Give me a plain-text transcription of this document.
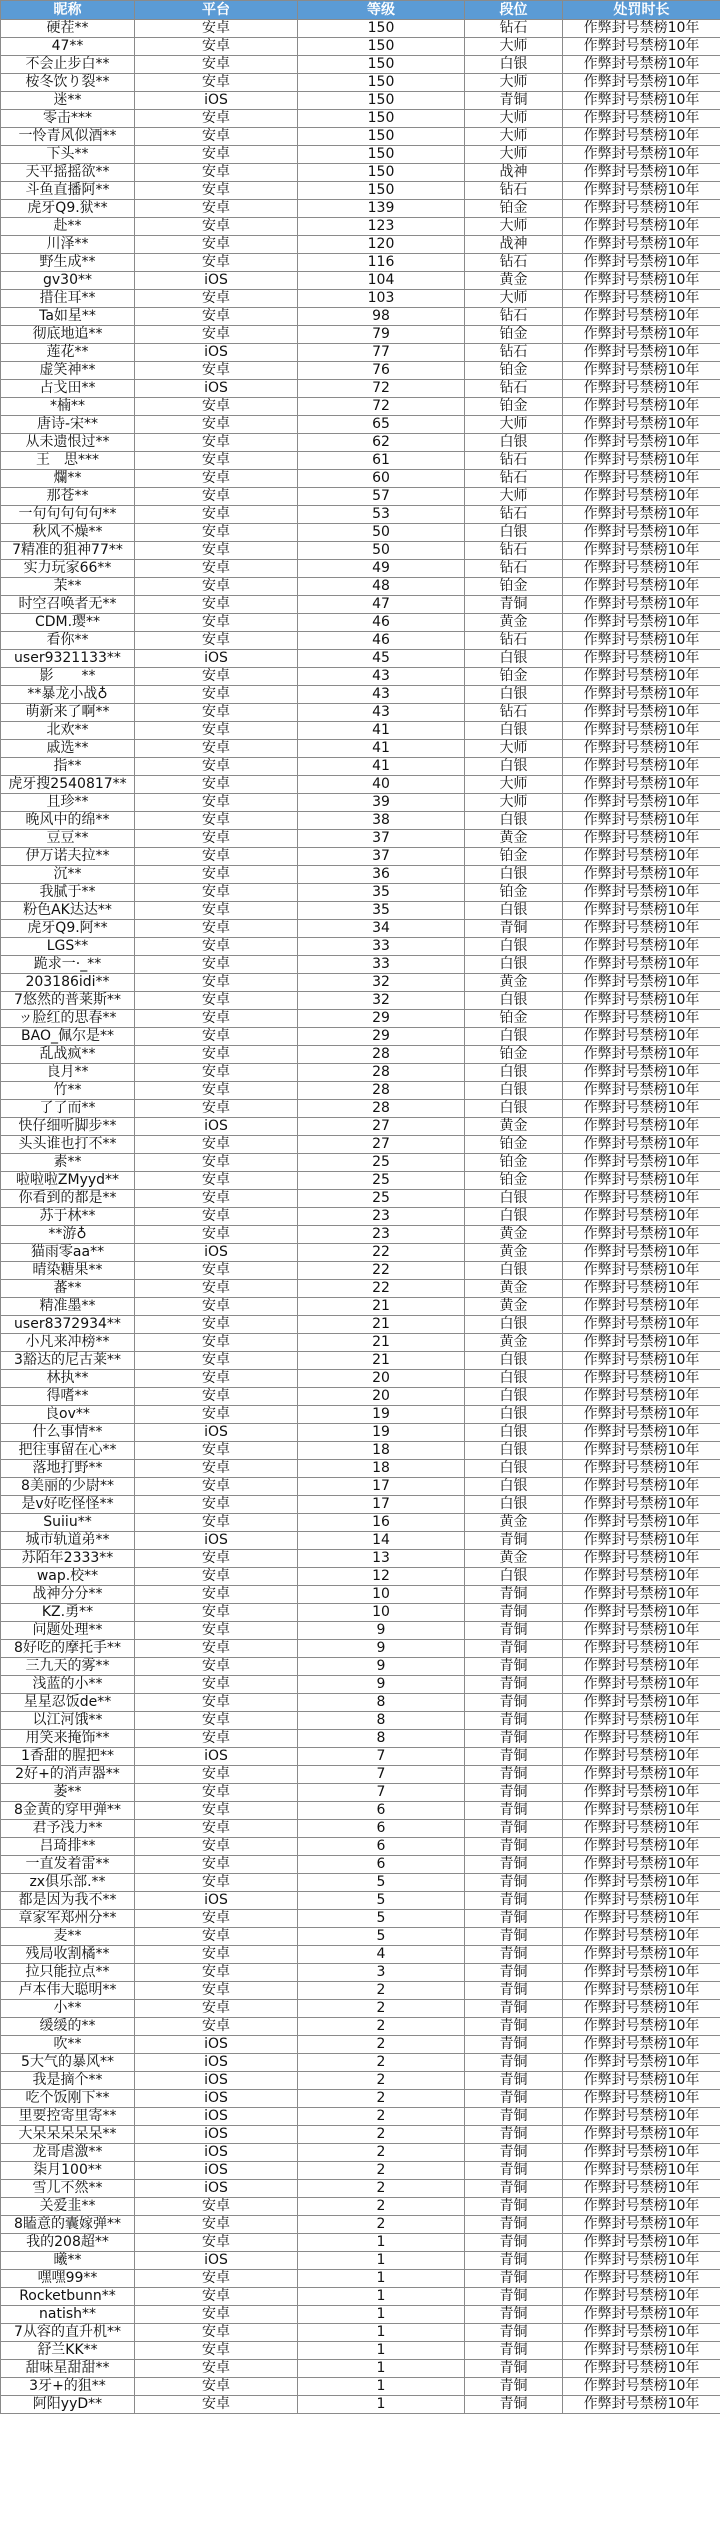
昵称	平台	等级	段位	处罚时长
硬茬**	安卓	150	钻石	作弊封号禁榜10年
47**	安卓	150	大师	作弊封号禁榜10年
不会止步白**	安卓	150	白银	作弊封号禁榜10年
桉冬饮り裂**	安卓	150	大师	作弊封号禁榜10年
迷**	iOS	150	青铜	作弊封号禁榜10年
零击***	安卓	150	大师	作弊封号禁榜10年
一怜青风似酒**	安卓	150	大师	作弊封号禁榜10年
下头**	安卓	150	大师	作弊封号禁榜10年
天平摇摇欲**	安卓	150	战神	作弊封号禁榜10年
斗鱼直播阿**	安卓	150	钻石	作弊封号禁榜10年
虎牙Q9.狱**	安卓	139	铂金	作弊封号禁榜10年
赴**	安卓	123	大师	作弊封号禁榜10年
川泽**	安卓	120	战神	作弊封号禁榜10年
野生成**	安卓	116	钻石	作弊封号禁榜10年
gv30**	iOS	104	黄金	作弊封号禁榜10年
措住耳**	安卓	103	大师	作弊封号禁榜10年
Ta如星**	安卓	98	钻石	作弊封号禁榜10年
彻底地追**	安卓	79	铂金	作弊封号禁榜10年
莲花**	iOS	77	钻石	作弊封号禁榜10年
虚笑神**	安卓	76	铂金	作弊封号禁榜10年
占戈田**	iOS	72	钻石	作弊封号禁榜10年
*楠**	安卓	72	铂金	作弊封号禁榜10年
唐诗-宋**	安卓	65	大师	作弊封号禁榜10年
从未遗恨过**	安卓	62	白银	作弊封号禁榜10年
王　思***	安卓	61	钻石	作弊封号禁榜10年
爛**	安卓	60	钻石	作弊封号禁榜10年
那苍**	安卓	57	大师	作弊封号禁榜10年
一句句句句句**	安卓	53	钻石	作弊封号禁榜10年
秋风不燥**	安卓	50	白银	作弊封号禁榜10年
7精准的狙神77**	安卓	50	钻石	作弊封号禁榜10年
实力玩家66**	安卓	49	钻石	作弊封号禁榜10年
茉**	安卓	48	铂金	作弊封号禁榜10年
时空召唤者无**	安卓	47	青铜	作弊封号禁榜10年
CDM.璎**	安卓	46	黄金	作弊封号禁榜10年
看你**	安卓	46	钻石	作弊封号禁榜10年
user9321133**	iOS	45	白银	作弊封号禁榜10年
影　　**	安卓	43	铂金	作弊封号禁榜10年
**暴龙小战♁	安卓	43	白银	作弊封号禁榜10年
萌新来了啊**	安卓	43	钻石	作弊封号禁榜10年
北欢**	安卓	41	白银	作弊封号禁榜10年
戚选**	安卓	41	大师	作弊封号禁榜10年
指**	安卓	41	白银	作弊封号禁榜10年
虎牙搜2540817**	安卓	40	大师	作弊封号禁榜10年
且珍**	安卓	39	大师	作弊封号禁榜10年
晚风中的绵**	安卓	38	白银	作弊封号禁榜10年
豆豆**	安卓	37	黄金	作弊封号禁榜10年
伊万诺夫拉**	安卓	37	铂金	作弊封号禁榜10年
沉**	安卓	36	白银	作弊封号禁榜10年
我腻于**	安卓	35	铂金	作弊封号禁榜10年
粉色AK达达**	安卓	35	白银	作弊封号禁榜10年
虎牙Q9.阿**	安卓	34	青铜	作弊封号禁榜10年
LGS**	安卓	33	白银	作弊封号禁榜10年
跪求一·_**	安卓	33	白银	作弊封号禁榜10年
203186idi**	安卓	32	黄金	作弊封号禁榜10年
7悠然的普莱斯**	安卓	32	白银	作弊封号禁榜10年
ッ脸红的思春**	安卓	29	铂金	作弊封号禁榜10年
BAO_佩尔是**	安卓	29	白银	作弊封号禁榜10年
乱战疯**	安卓	28	铂金	作弊封号禁榜10年
良月**	安卓	28	白银	作弊封号禁榜10年
竹**	安卓	28	白银	作弊封号禁榜10年
了了而**	安卓	28	白银	作弊封号禁榜10年
快仔细听脚步**	iOS	27	黄金	作弊封号禁榜10年
头头谁也打不**	安卓	27	铂金	作弊封号禁榜10年
素**	安卓	25	铂金	作弊封号禁榜10年
啦啦啦ZMyyd**	安卓	25	铂金	作弊封号禁榜10年
你看到的都是**	安卓	25	白银	作弊封号禁榜10年
苏于林**	安卓	23	白银	作弊封号禁榜10年
**游♁	安卓	23	黄金	作弊封号禁榜10年
猫雨零aa**	iOS	22	黄金	作弊封号禁榜10年
晴染糖果**	安卓	22	白银	作弊封号禁榜10年
蕃**	安卓	22	黄金	作弊封号禁榜10年
精准墨**	安卓	21	黄金	作弊封号禁榜10年
user8372934**	安卓	21	白银	作弊封号禁榜10年
小凡来冲榜**	安卓	21	黄金	作弊封号禁榜10年
3豁达的尼古莱**	安卓	21	白银	作弊封号禁榜10年
林执**	安卓	20	白银	作弊封号禁榜10年
得嗜**	安卓	20	白银	作弊封号禁榜10年
良ov**	安卓	19	白银	作弊封号禁榜10年
什么事情**	iOS	19	白银	作弊封号禁榜10年
把往事留在心**	安卓	18	白银	作弊封号禁榜10年
落地打野**	安卓	18	白银	作弊封号禁榜10年
8美丽的少尉**	安卓	17	白银	作弊封号禁榜10年
是v好吃怪怪**	安卓	17	白银	作弊封号禁榜10年
Suiiu**	安卓	16	黄金	作弊封号禁榜10年
城市轨道弟**	iOS	14	青铜	作弊封号禁榜10年
苏陌年2333**	安卓	13	黄金	作弊封号禁榜10年
wap.校**	安卓	12	白银	作弊封号禁榜10年
战神分分**	安卓	10	青铜	作弊封号禁榜10年
KZ.勇**	安卓	10	青铜	作弊封号禁榜10年
问题处理**	安卓	9	青铜	作弊封号禁榜10年
8好吃的摩托手**	安卓	9	青铜	作弊封号禁榜10年
三九天的雾**	安卓	9	青铜	作弊封号禁榜10年
浅蓝的小**	安卓	9	青铜	作弊封号禁榜10年
星星忍饭de**	安卓	8	青铜	作弊封号禁榜10年
以江河饿**	安卓	8	青铜	作弊封号禁榜10年
用笑来掩饰**	安卓	8	青铜	作弊封号禁榜10年
1香甜的腥把**	iOS	7	青铜	作弊封号禁榜10年
2好+的消声器**	安卓	7	青铜	作弊封号禁榜10年
萎**	安卓	7	青铜	作弊封号禁榜10年
8金黄的穿甲弹**	安卓	6	青铜	作弊封号禁榜10年
君予浅力**	安卓	6	青铜	作弊封号禁榜10年
吕琦排**	安卓	6	青铜	作弊封号禁榜10年
一直发着雷**	安卓	6	青铜	作弊封号禁榜10年
zx俱乐部.**	安卓	5	青铜	作弊封号禁榜10年
都是因为我不**	iOS	5	青铜	作弊封号禁榜10年
章家军郑州分**	安卓	5	青铜	作弊封号禁榜10年
麦**	安卓	5	青铜	作弊封号禁榜10年
残局收割橘**	安卓	4	青铜	作弊封号禁榜10年
拉只能拉点**	安卓	3	青铜	作弊封号禁榜10年
卢本伟大聪明**	安卓	2	青铜	作弊封号禁榜10年
小**	安卓	2	青铜	作弊封号禁榜10年
缓缓的**	安卓	2	青铜	作弊封号禁榜10年
吹**	iOS	2	青铜	作弊封号禁榜10年
5大气的暴风**	iOS	2	青铜	作弊封号禁榜10年
我是摘个**	iOS	2	青铜	作弊封号禁榜10年
吃个饭刚下**	iOS	2	青铜	作弊封号禁榜10年
里要控寄里寄**	iOS	2	青铜	作弊封号禁榜10年
大呆呆呆呆呆**	iOS	2	青铜	作弊封号禁榜10年
龙哥虐激**	iOS	2	青铜	作弊封号禁榜10年
柒月100**	iOS	2	青铜	作弊封号禁榜10年
雪儿不然**	iOS	2	青铜	作弊封号禁榜10年
关爱韭**	安卓	2	青铜	作弊封号禁榜10年
8瞌意的囊嫁弹**	安卓	2	青铜	作弊封号禁榜10年
我的208超**	安卓	1	青铜	作弊封号禁榜10年
曦**	iOS	1	青铜	作弊封号禁榜10年
嘿嘿99**	安卓	1	青铜	作弊封号禁榜10年
Rocketbunn**	安卓	1	青铜	作弊封号禁榜10年
natish**	安卓	1	青铜	作弊封号禁榜10年
7从容的直升机**	安卓	1	青铜	作弊封号禁榜10年
舒兰KK**	安卓	1	青铜	作弊封号禁榜10年
甜味星甜甜**	安卓	1	青铜	作弊封号禁榜10年
3牙+的狙**	安卓	1	青铜	作弊封号禁榜10年
阿阳yyD**	安卓	1	青铜	作弊封号禁榜10年
